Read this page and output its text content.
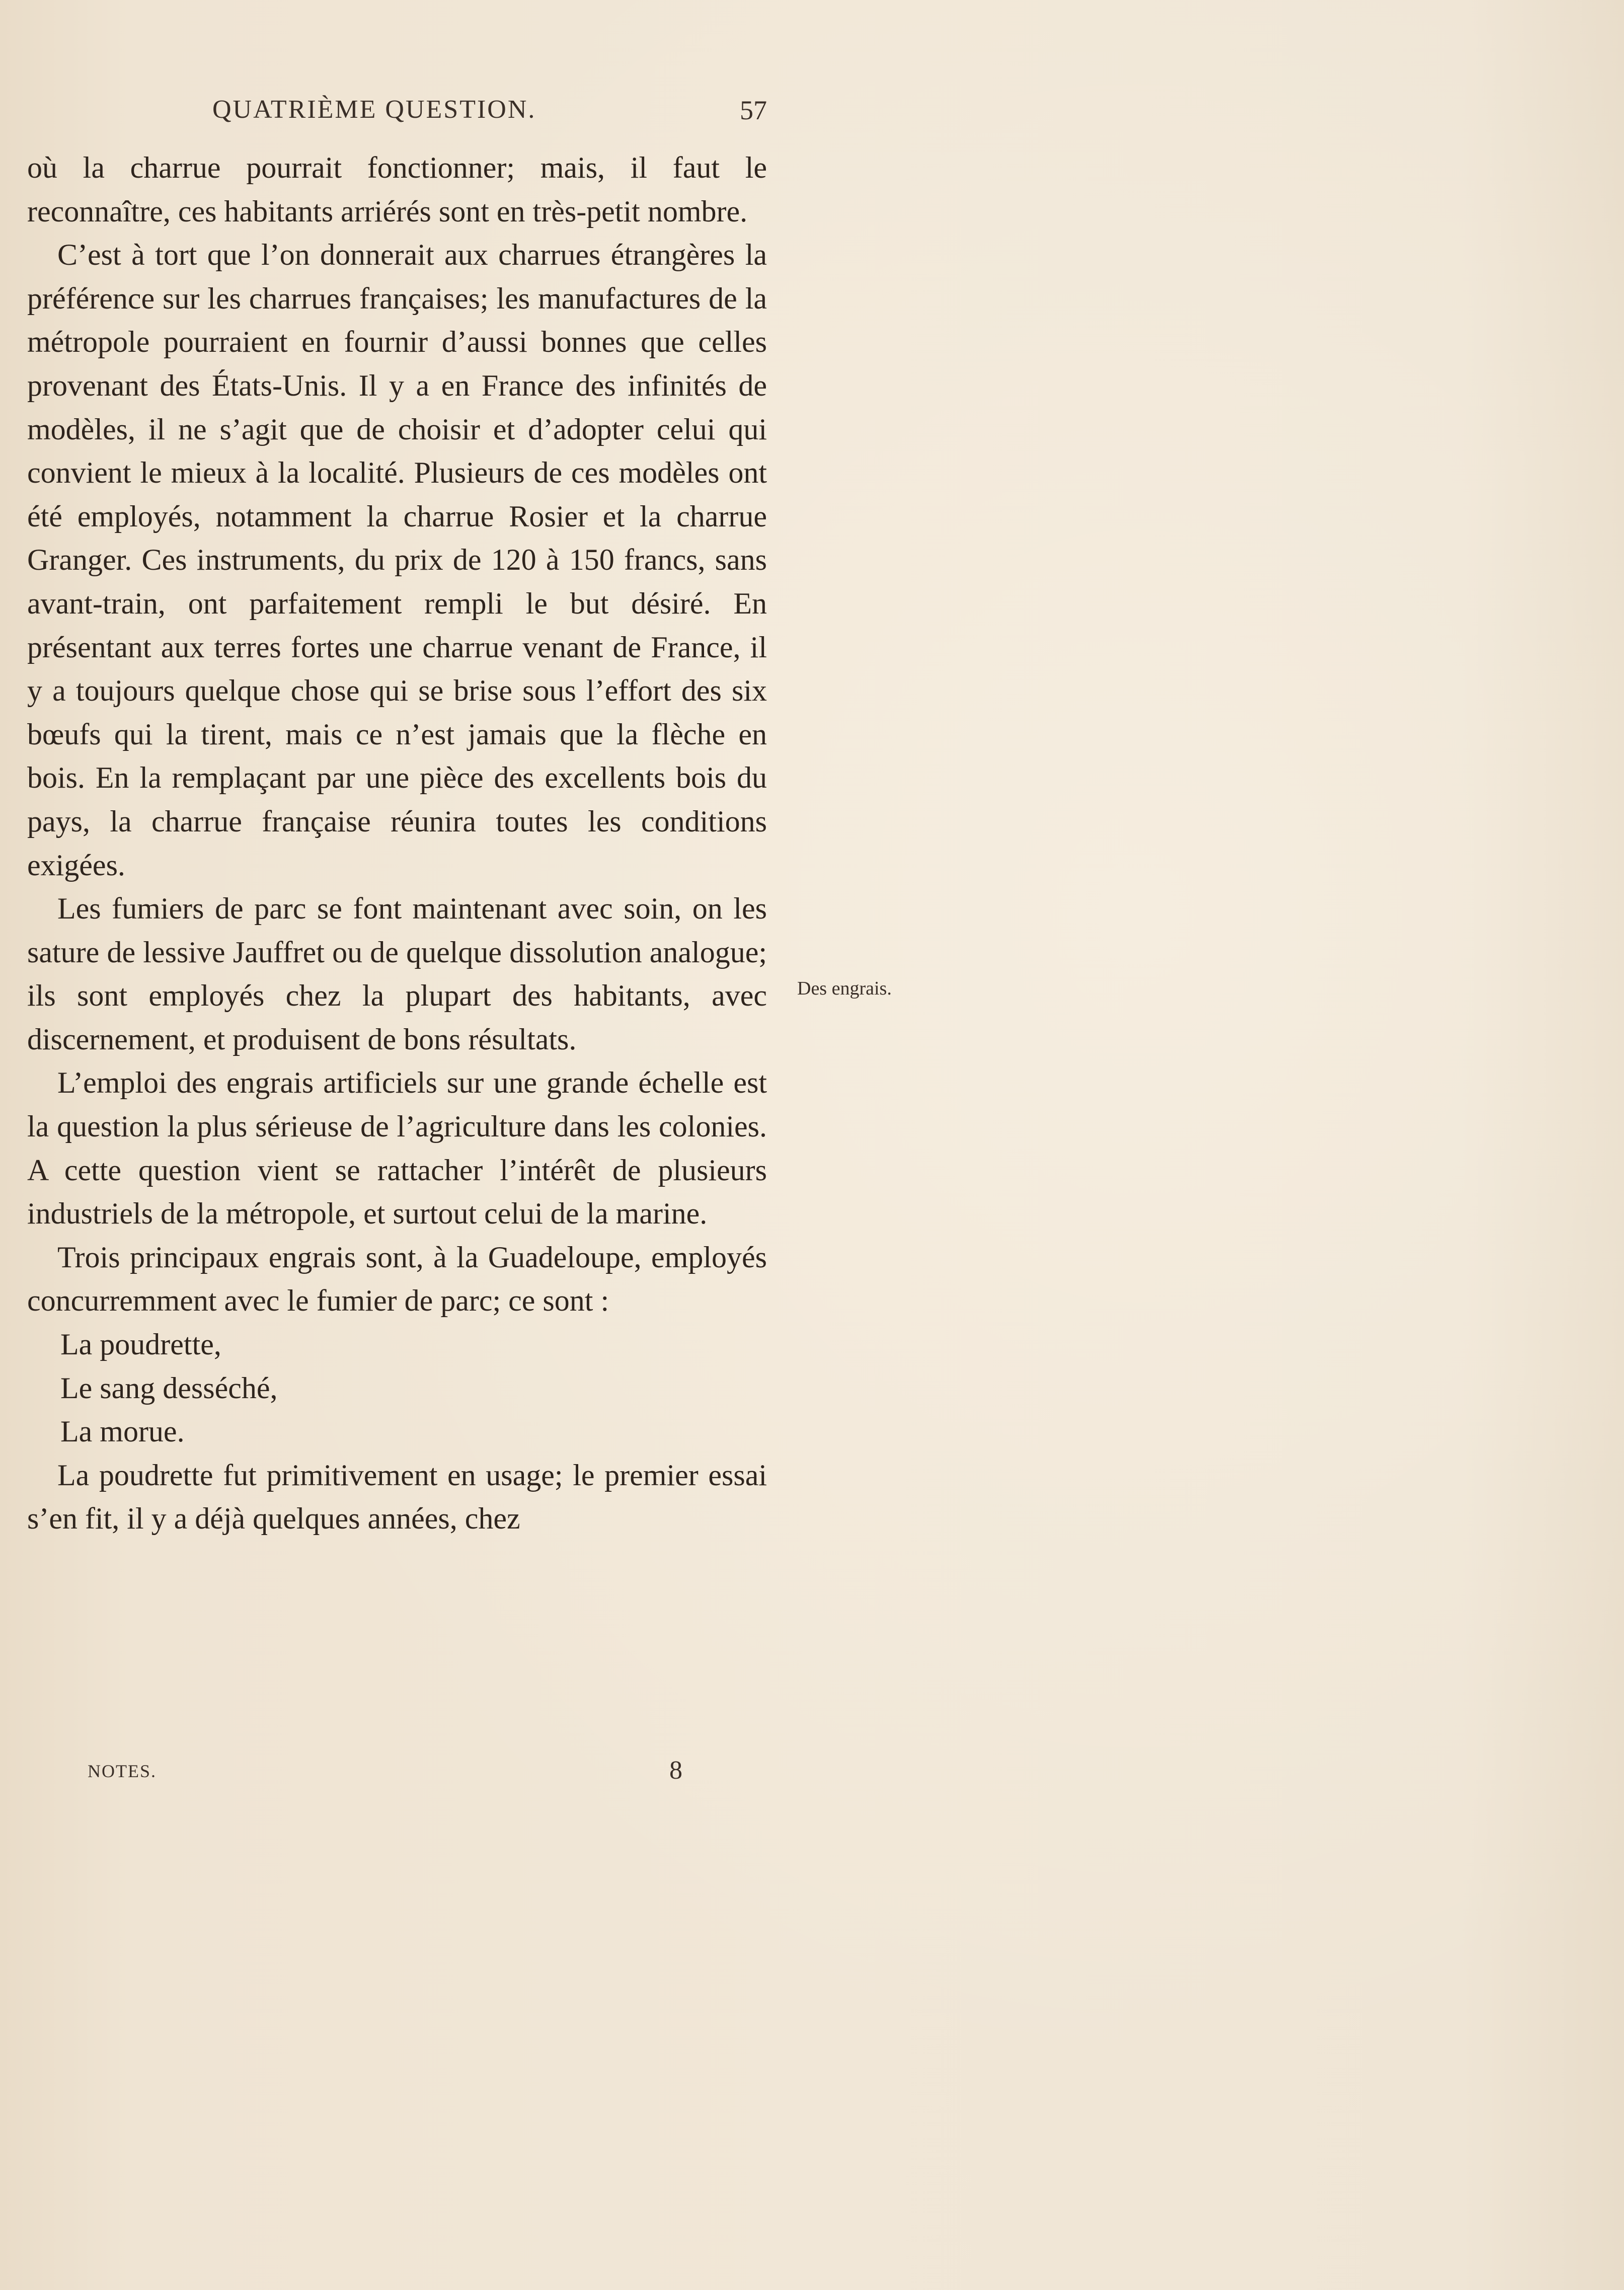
QUATRIÈME QUESTION.	57

où la charrue pourrait fonctionner; mais, il faut le reconnaître, ces habitants arriérés sont en très-petit nombre.

C’est à tort que l’on donnerait aux charrues étrangères la préférence sur les charrues françaises; les manufactures de la métropole pourraient en fournir d’aussi bonnes que celles provenant des États-Unis. Il y a en France des infinités de modèles, il ne s’agit que de choisir et d’adopter celui qui convient le mieux à la localité. Plusieurs de ces modèles ont été employés, notamment la charrue Rosier et la charrue Granger. Ces instruments, du prix de 120 à 150 francs, sans avant-train, ont parfaitement rempli le but désiré. En présentant aux terres fortes une charrue venant de France, il y a toujours quelque chose qui se brise sous l’effort des six bœufs qui la tirent, mais ce n’est jamais que la flèche en bois. En la remplaçant par une pièce des excellents bois du pays, la charrue française réunira toutes les conditions exigées.

Les fumiers de parc se font maintenant avec soin, on les sature de lessive Jauffret ou de quelque dissolution analogue; ils sont employés chez la plupart des habitants, avec discernement, et produisent de bons résultats.

L’emploi des engrais artificiels sur une grande échelle est la question la plus sérieuse de l’agriculture dans les colonies. A cette question vient se rattacher l’intérêt de plusieurs industriels de la métropole, et surtout celui de la marine.

Trois principaux engrais sont, à la Guadeloupe, employés concurremment avec le fumier de parc; ce sont :

La poudrette,

Le sang desséché,

La morue.

La poudrette fut primitivement en usage; le premier essai s’en fit, il y a déjà quelques années, chez

Des engrais.
NOTES.	8
